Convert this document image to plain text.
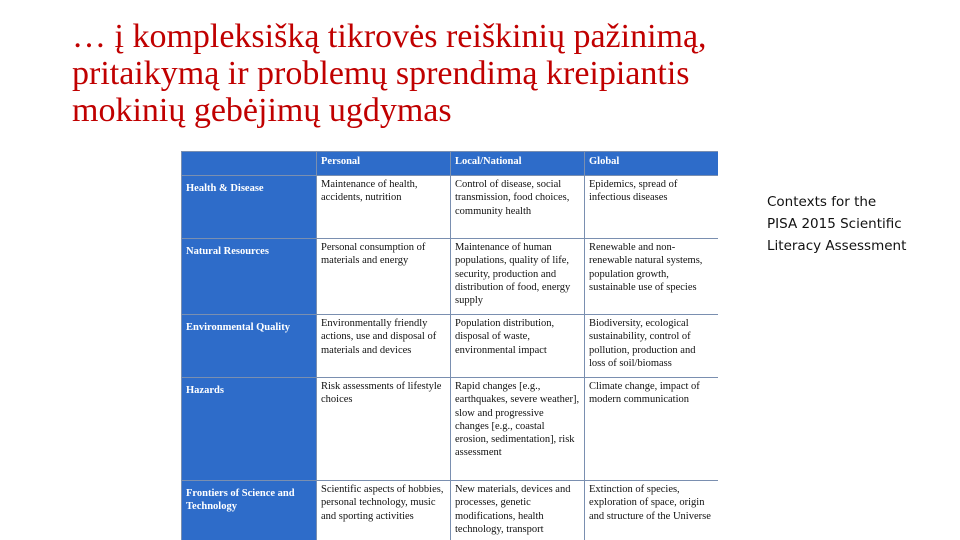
… į kompleksišką tikrovės reiškinių pažinimą,
pritaikymą ir problemų sprendimą kreipiantis
mokinių gebėjimų ugdymas
	Personal	Local/National	Global
Health & Disease	Maintenance of health, accidents, nutrition	Control of disease, social transmission, food choices, community health	Epidemics, spread of infectious diseases
Natural Resources	Personal consumption of materials and energy	Maintenance of human populations, quality of life, security, production and distribution of food, energy supply	Renewable and non-renewable natural systems, population growth, sustainable use of species
Environmental Quality	Environmentally friendly actions, use and disposal of materials and devices	Population distribution, disposal of waste, environmental impact	Biodiversity, ecological sustainability, control of pollution, production and loss of soil/biomass
Hazards	Risk assessments of lifestyle choices	Rapid changes [e.g., earthquakes, severe weather], slow and progressive changes [e.g., coastal erosion, sedimentation], risk assessment	Climate change, impact of modern communication
Frontiers of Science and Technology	Scientific aspects of hobbies, personal technology, music and sporting activities	New materials, devices and processes, genetic modifications, health technology, transport	Extinction of species, exploration of space, origin and structure of the Universe
Contexts for the
PISA 2015 Scientific
Literacy Assessment
